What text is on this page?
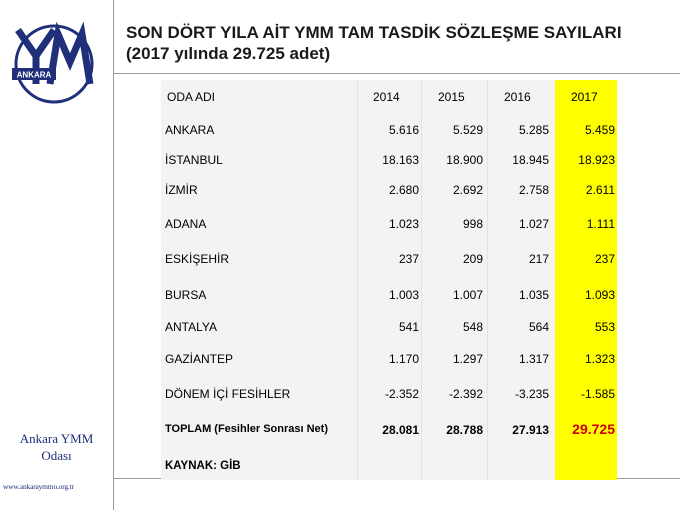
ANKARA
Ankara YMM
Odası
www.ankaraymmo.org.tr
SON DÖRT YILA AİT YMM TAM TASDİK SÖZLEŞME SAYILARI
(2017 yılında 29.725 adet)
ODA ADI	2014	2015	2016	2017
ANKARA	5.616	5.529	5.285	5.459
İSTANBUL	18.163	18.900	18.945	18.923
İZMİR	2.680	2.692	2.758	2.611
ADANA	1.023	998	1.027	1.111
ESKİŞEHİR	237	209	217	237
BURSA	1.003	1.007	1.035	1.093
ANTALYA	541	548	564	553
GAZİANTEP	1.170	1.297	1.317	1.323
DÖNEM İÇİ FESİHLER	-2.352	-2.392	-3.235	-1.585
TOPLAM (Fesihler Sonrası Net)	28.081	28.788	27.913	29.725
KAYNAK: GİB
